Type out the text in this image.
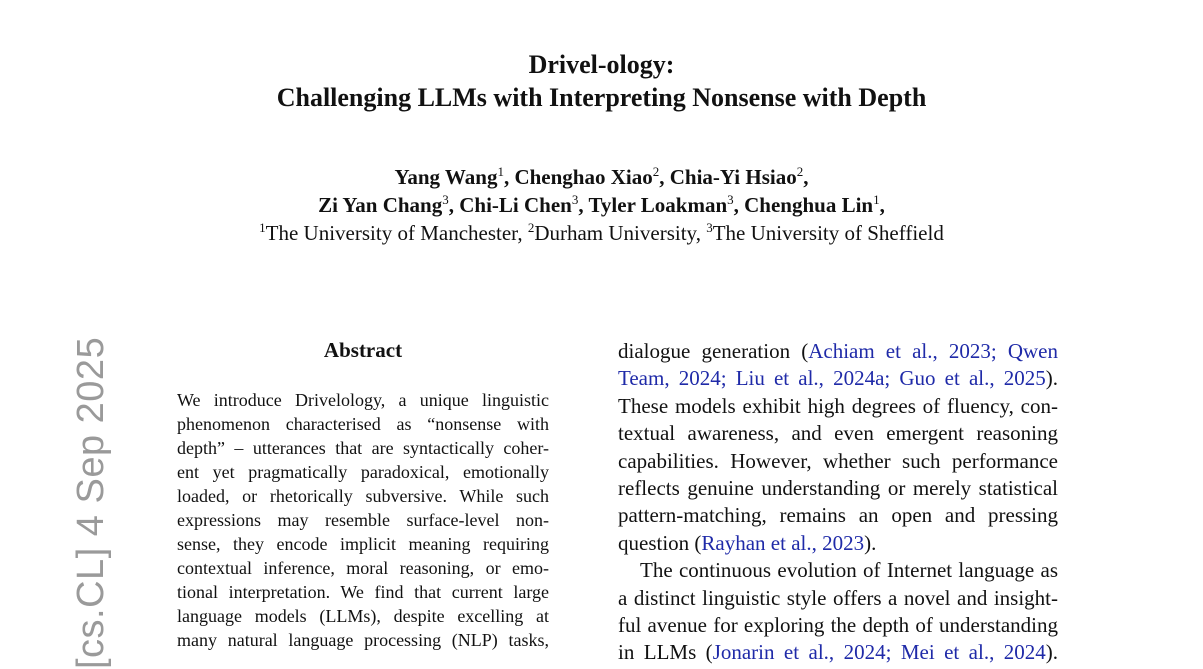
[cs.CL] 4 Sep 2025
Drivel-ology:
Challenging LLMs with Interpreting Nonsense with Depth
Yang Wang$^1$, Chenghao Xiao$^2$, Chia-Yi Hsiao$^2$,
Zi Yan Chang$^3$, Chi-Li Chen$^3$, Tyler Loakman$^3$, Chenghua Lin$^1$,
$^1$The University of Manchester, $^2$Durham University, $^3$The University of Sheffield
Abstract
We introduce Drivelology, a unique linguistic
phenomenon characterised as “nonsense with
depth” – utterances that are syntactically coher-
ent yet pragmatically paradoxical, emotionally
loaded, or rhetorically subversive. While such
expressions may resemble surface-level non-
sense, they encode implicit meaning requiring
contextual inference, moral reasoning, or emo-
tional interpretation. We find that current large
language models (LLMs), despite excelling at
many natural language processing (NLP) tasks,
dialogue generation (Achiam et al., 2023; Qwen
Team, 2024; Liu et al., 2024a; Guo et al., 2025).
These models exhibit high degrees of fluency, con-
textual awareness, and even emergent reasoning
capabilities. However, whether such performance
reflects genuine understanding or merely statistical
pattern-matching, remains an open and pressing
question (Rayhan et al., 2023).
The continuous evolution of Internet language as
a distinct linguistic style offers a novel and insight-
ful avenue for exploring the depth of understanding
in LLMs (Jonarin et al., 2024; Mei et al., 2024).
